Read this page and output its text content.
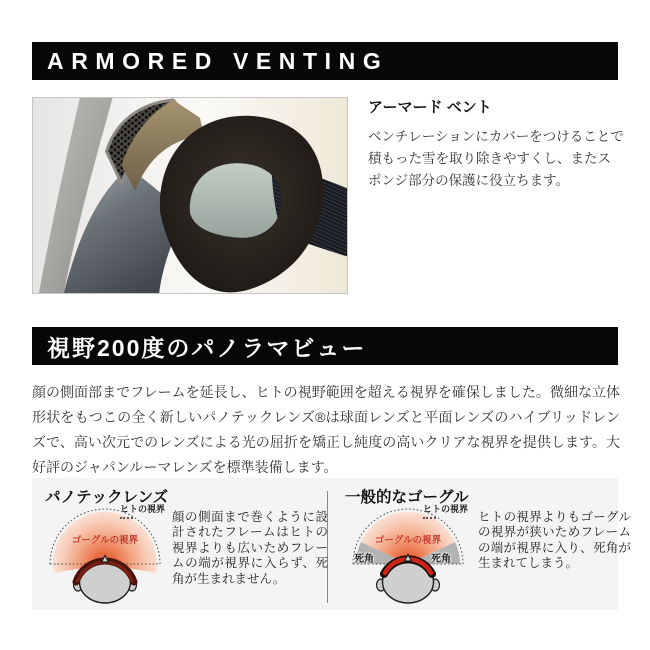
ARMORED VENTING
アーマード ベント

ベンチレーションにカバーをつけることで積もった雪を取り除きやすくし、またスポンジ部分の保護に役立ちます。

視野200度のパノラマビュー

顔の側面部までフレームを延長し、ヒトの視野範囲を超える視界を確保しました。微細な立体形状をもつこの全く新しいパノテックレンズ®は球面レンズと平面レンズのハイブリッドレンズで、高い次元でのレンズによる光の屈折を矯正し純度の高いクリアな視界を提供します。大好評のジャパンルーマレンズを標準装備します。

パノテックレンズ	一般的なゴーグル
ヒトの視界
ゴーグルの視界

顔の側面まで巻くように設計されたフレームはヒトの視界よりも広いためフレームの端が視界に入らず、死角が生まれません。

ヒトの視界
ゴーグルの視界
死角	死角

ヒトの視界よりもゴーグルの視界が狭いためフレームの端が視界に入り、死角が生まれてしまう。
